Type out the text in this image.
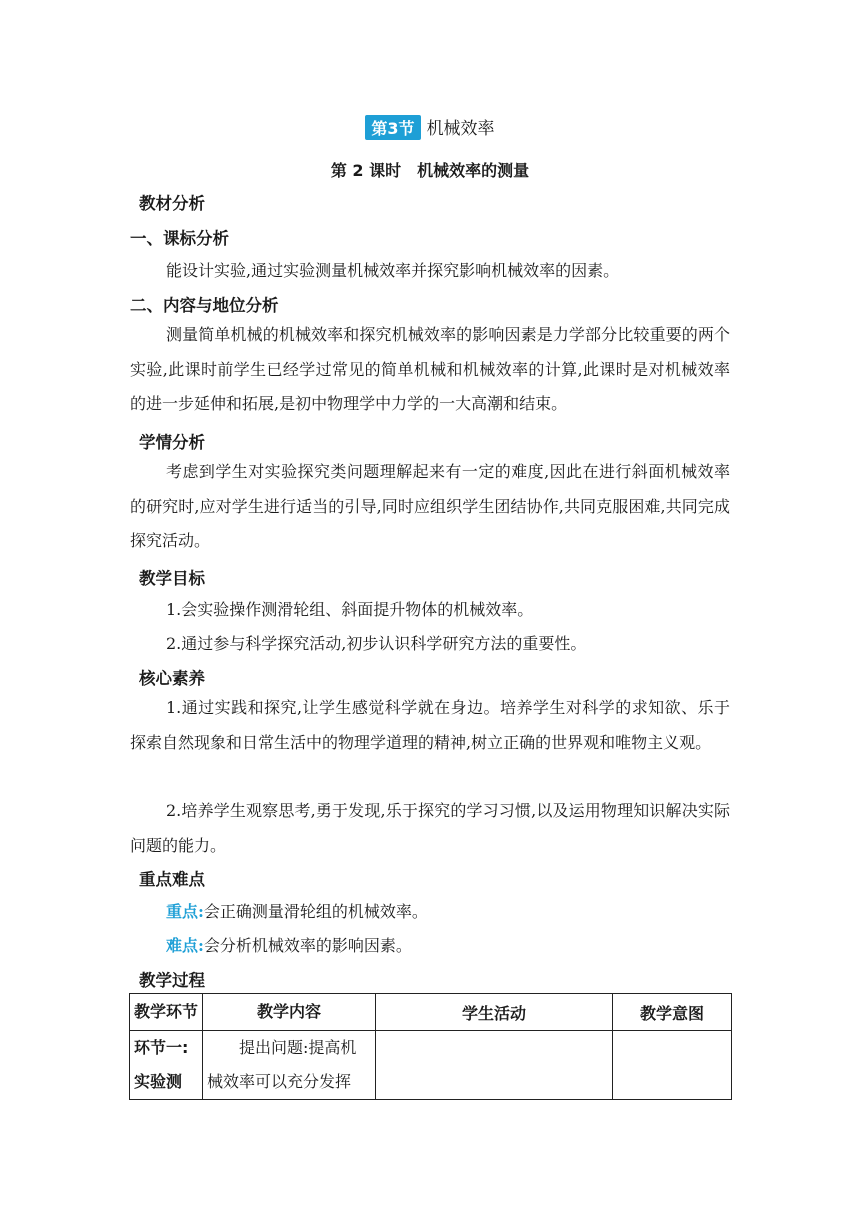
第3节 机械效率
第 2 课时　机械效率的测量
教材分析
一、课标分析
能设计实验,通过实验测量机械效率并探究影响机械效率的因素。
二、内容与地位分析
测量简单机械的机械效率和探究机械效率的影响因素是力学部分比较重要的两个实验,此课时前学生已经学过常见的简单机械和机械效率的计算,此课时是对机械效率的进一步延伸和拓展,是初中物理学中力学的一大高潮和结束。
学情分析
考虑到学生对实验探究类问题理解起来有一定的难度,因此在进行斜面机械效率的研究时,应对学生进行适当的引导,同时应组织学生团结协作,共同克服困难,共同完成探究活动。
教学目标
1.会实验操作测滑轮组、斜面提升物体的机械效率。
2.通过参与科学探究活动,初步认识科学研究方法的重要性。
核心素养
1.通过实践和探究,让学生感觉科学就在身边。培养学生对科学的求知欲、乐于探索自然现象和日常生活中的物理学道理的精神,树立正确的世界观和唯物主义观。
2.培养学生观察思考,勇于发现,乐于探究的学习习惯,以及运用物理知识解决实际问题的能力。
重点难点
重点:会正确测量滑轮组的机械效率。
难点:会分析机械效率的影响因素。
教学过程
教学环节	教学内容	学生活动	教学意图
环节一:实验测	提出问题:提高机械效率可以充分发挥		
